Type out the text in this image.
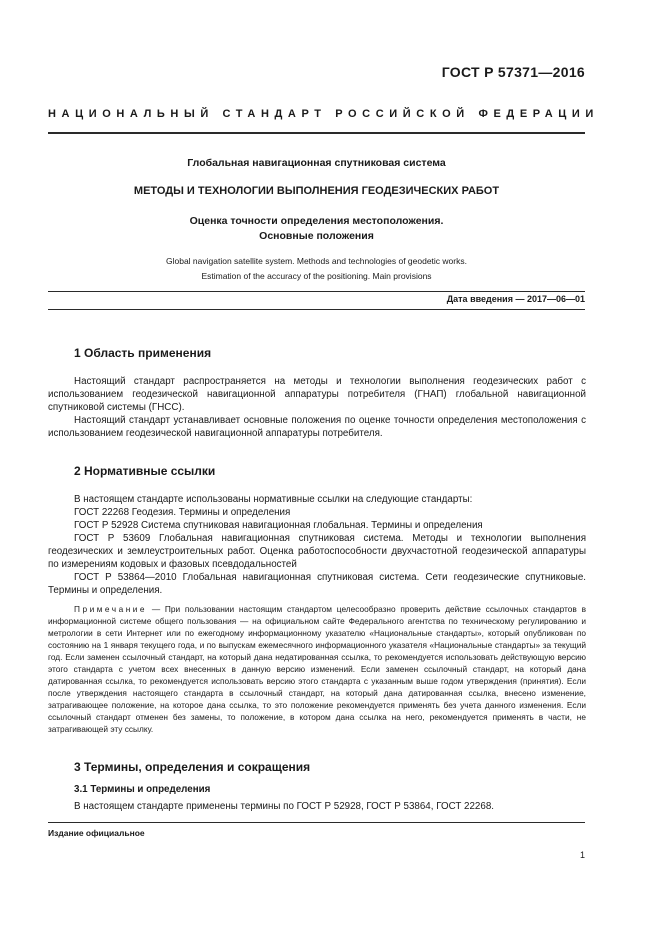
ГОСТ Р 57371—2016
НАЦИОНАЛЬНЫЙ СТАНДАРТ РОССИЙСКОЙ ФЕДЕРАЦИИ
Глобальная навигационная спутниковая система
МЕТОДЫ И ТЕХНОЛОГИИ ВЫПОЛНЕНИЯ ГЕОДЕЗИЧЕСКИХ РАБОТ
Оценка точности определения местоположения.
Основные положения
Global navigation satellite system. Methods and technologies of geodetic works.
Estimation of the accuracy of the positioning. Main provisions
Дата введения — 2017—06—01
1 Область применения
Настоящий стандарт распространяется на методы и технологии выполнения геодезических работ с использованием геодезической навигационной аппаратуры потребителя (ГНАП) глобальной навигационной спутниковой системы (ГНСС).
Настоящий стандарт устанавливает основные положения по оценке точности определения местоположения с использованием геодезической навигационной аппаратуры потребителя.
2 Нормативные ссылки
В настоящем стандарте использованы нормативные ссылки на следующие стандарты:
ГОСТ 22268 Геодезия. Термины и определения
ГОСТ Р 52928 Система спутниковая навигационная глобальная. Термины и определения
ГОСТ Р 53609 Глобальная навигационная спутниковая система. Методы и технологии выполнения геодезических и землеустроительных работ. Оценка работоспособности двухчастотной геодезической аппаратуры по измерениям кодовых и фазовых псевдодальностей
ГОСТ Р 53864—2010 Глобальная навигационная спутниковая система. Сети геодезические спутниковые. Термины и определения.
Примечание — При пользовании настоящим стандартом целесообразно проверить действие ссылочных стандартов в информационной системе общего пользования — на официальном сайте Федерального агентства по техническому регулированию и метрологии в сети Интернет или по ежегодному информационному указателю «Национальные стандарты», который опубликован по состоянию на 1 января текущего года, и по выпускам ежемесячного информационного указателя «Национальные стандарты» за текущий год. Если заменен ссылочный стандарт, на который дана недатированная ссылка, то рекомендуется использовать действующую версию этого стандарта с учетом всех внесенных в данную версию изменений. Если заменен ссылочный стандарт, на который дана датированная ссылка, то рекомендуется использовать версию этого стандарта с указанным выше годом утверждения (принятия). Если после утверждения настоящего стандарта в ссылочный стандарт, на который дана датированная ссылка, внесено изменение, затрагивающее положение, на которое дана ссылка, то это положение рекомендуется применять без учета данного изменения. Если ссылочный стандарт отменен без замены, то положение, в котором дана ссылка на него, рекомендуется применять в части, не затрагивающей эту ссылку.
3 Термины, определения и сокращения
3.1 Термины и определения
В настоящем стандарте применены термины по ГОСТ Р 52928, ГОСТ Р 53864, ГОСТ 22268.
Издание официальное
1
